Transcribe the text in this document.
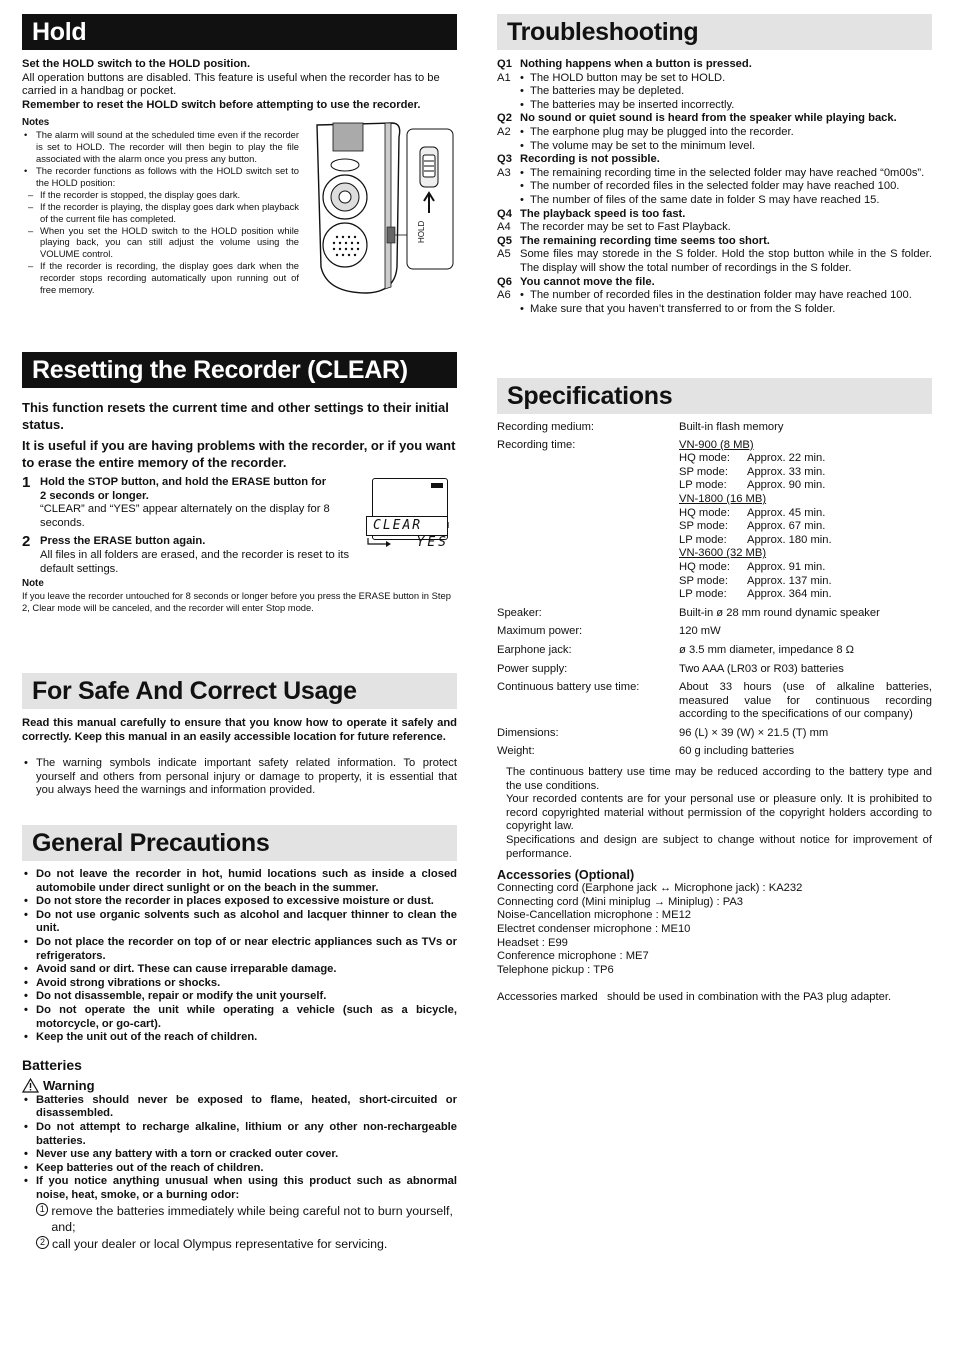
Hold

Set the HOLD switch to the HOLD position.

All operation buttons are disabled. This feature is useful when the recorder has to be carried in a handbag or pocket.

Remember to reset the HOLD switch before attempting to use the recorder.

Notes

• The alarm will sound at the scheduled time even if the recorder is set to HOLD. The recorder will then begin to play the file associated with the alarm once you press any button.
• The recorder functions as follows with the HOLD switch set to the HOLD position:
– If the recorder is stopped, the display goes dark.
– If the recorder is playing, the display goes dark when playback of the current file has completed.
– When you set the HOLD switch to the HOLD position while playing back, you can still adjust the volume using the VOLUME control.
– If the recorder is recording, the display goes dark when the recorder stops recording automatically upon running out of free memory.
HOLD
Resetting the Recorder (CLEAR)

This function resets the current time and other settings to their initial status.

It is useful if you are having problems with the recorder, or if you want to erase the entire memory of the recorder.

1 Hold the STOP button, and hold the ERASE button for
2 seconds or longer.
“CLEAR” and “YES” appear alternately on the display for 8 seconds.
2 Press the ERASE button again.
All files in all folders are erased, and the recorder is reset to its default settings.
CLEAR
YES

Note

If you leave the recorder untouched for 8 seconds or longer before you press the ERASE button in Step 2, Clear mode will be canceled, and the recorder will enter Stop mode.

For Safe And Correct Usage

Read this manual carefully to ensure that you know how to operate it safely and correctly. Keep this manual in an easily accessible location for future reference.

• The warning symbols indicate important safety related information. To protect yourself and others from personal injury or damage to property, it is essential that you always heed the warnings and information provided.
General Precautions
• Do not leave the recorder in hot, humid locations such as inside a closed automobile under direct sunlight or on the beach in the summer.
• Do not store the recorder in places exposed to excessive moisture or dust.
• Do not use organic solvents such as alcohol and lacquer thinner to clean the unit.
• Do not place the recorder on top of or near electric appliances such as TVs or refrigerators.
• Avoid sand or dirt. These can cause irreparable damage.
• Avoid strong vibrations or shocks.
• Do not disassemble, repair or modify the unit yourself.
• Do not operate the unit while operating a vehicle (such as a bicycle, motorcycle, or go-cart).
• Keep the unit out of the reach of children.

Batteries

Warning
• Batteries should never be exposed to flame, heated, short-circuited or disassembled.
• Do not attempt to recharge alkaline, lithium or any other non-rechargeable batteries.
• Never use any battery with a torn or cracked outer cover.
• Keep batteries out of the reach of children.
• If you notice anything unusual when using this product such as abnormal noise, heat, smoke, or a burning odor:
1 remove the batteries immediately while being careful not to burn yourself, and;
2 call your dealer or local Olympus representative for servicing.
Troubleshooting
Q1 Nothing happens when a button is pressed.
A1	• The HOLD button may be set to HOLD.
• The batteries may be depleted.
• The batteries may be inserted incorrectly.
Q2 No sound or quiet sound is heard from the speaker while playing back.
A2	• The earphone plug may be plugged into the recorder.
• The volume may be set to the minimum level.
Q3 Recording is not possible.
A3	• The remaining recording time in the selected folder may have reached “0m00s”.
• The number of recorded files in the selected folder may have reached 100.
• The number of files of the same date in folder S may have reached 15.
Q4 The playback speed is too fast.
A4 The recorder may be set to Fast Playback.
Q5 The remaining recording time seems too short.
A5 Some files may storede in the S folder. Hold the stop button while in the S folder. The display will show the total number of recordings in the S folder.
Q6 You cannot move the file.
A6	• The number of recorded files in the destination folder may have reached 100.
• Make sure that you haven’t transferred to or from the S folder.
Specifications
Recording medium:	Built-in flash memory
Recording time:	VN-900 (8 MB)
HQ mode:	Approx. 22 min.
SP mode:	Approx. 33 min.
LP mode:	Approx. 90 min.
VN-1800 (16 MB)
HQ mode:	Approx. 45 min.
SP mode:	Approx. 67 min.
LP mode:	Approx. 180 min.
VN-3600 (32 MB)
HQ mode:	Approx. 91 min.
SP mode:	Approx. 137 min.
LP mode:	Approx. 364 min.
Speaker:	Built-in ø 28 mm round dynamic speaker
Maximum power:	120 mW
Earphone jack:	ø 3.5 mm diameter, impedance 8 Ω
Power supply:	Two AAA (LR03 or R03) batteries
Continuous battery use time:	About 33 hours (use of alkaline batteries, measured value for continuous recording according to the specifications of our company)
Dimensions:	96 (L) × 39 (W) × 21.5 (T) mm
Weight:	60 g including batteries

The continuous battery use time may be reduced according to the battery type and the use conditions.

Your recorded contents are for your personal use or pleasure only. It is prohibited to record copyrighted material without permission of the copyright holders according to copyright law.

Specifications and design are subject to change without notice for improvement of performance.

Accessories (Optional)

Connecting cord (Earphone jack ↔ Microphone jack) : KA232
Connecting cord (Mini miniplug → Miniplug) : PA3
Noise-Cancellation microphone : ME12
Electret condenser microphone : ME10
Headset : E99
Conference microphone : ME7
Telephone pickup : TP6

Accessories marked   should be used in combination with the PA3 plug adapter.
